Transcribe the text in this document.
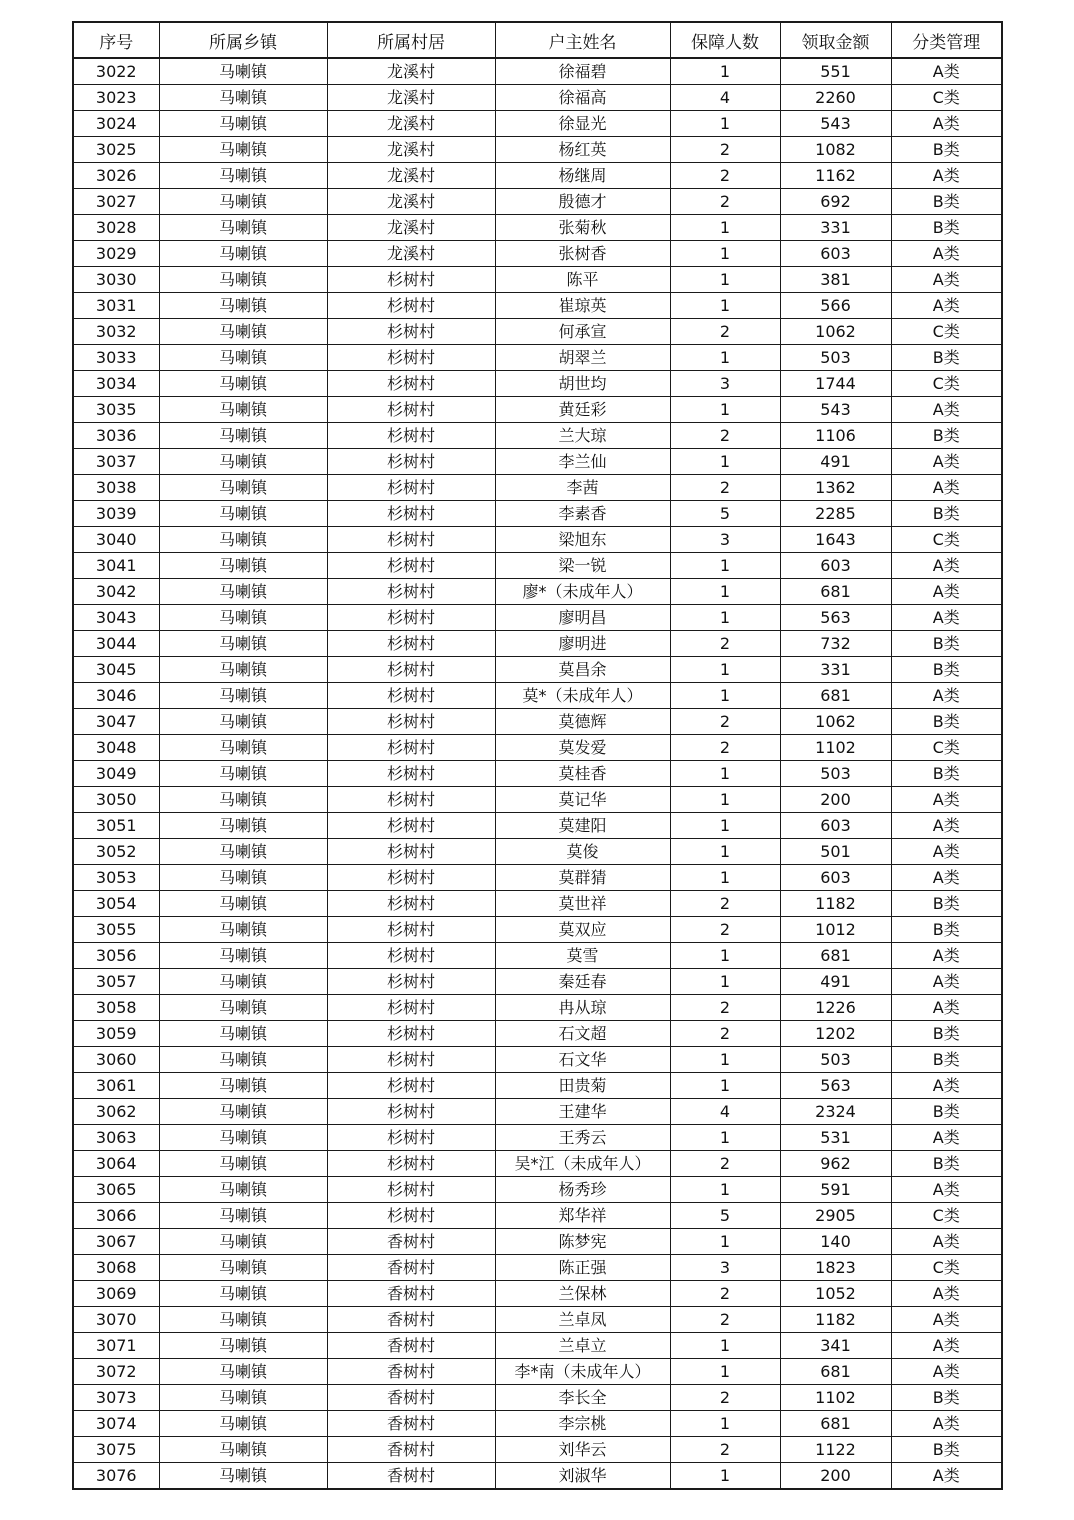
序号	所属乡镇	所属村居	户主姓名	保障人数	领取金额	分类管理
3022	马喇镇	龙溪村	徐福碧	1	551	A类
3023	马喇镇	龙溪村	徐福高	4	2260	C类
3024	马喇镇	龙溪村	徐显光	1	543	A类
3025	马喇镇	龙溪村	杨红英	2	1082	B类
3026	马喇镇	龙溪村	杨继周	2	1162	A类
3027	马喇镇	龙溪村	殷德才	2	692	B类
3028	马喇镇	龙溪村	张菊秋	1	331	B类
3029	马喇镇	龙溪村	张树香	1	603	A类
3030	马喇镇	杉树村	陈平	1	381	A类
3031	马喇镇	杉树村	崔琼英	1	566	A类
3032	马喇镇	杉树村	何承宣	2	1062	C类
3033	马喇镇	杉树村	胡翠兰	1	503	B类
3034	马喇镇	杉树村	胡世均	3	1744	C类
3035	马喇镇	杉树村	黄廷彩	1	543	A类
3036	马喇镇	杉树村	兰大琼	2	1106	B类
3037	马喇镇	杉树村	李兰仙	1	491	A类
3038	马喇镇	杉树村	李茜	2	1362	A类
3039	马喇镇	杉树村	李素香	5	2285	B类
3040	马喇镇	杉树村	梁旭东	3	1643	C类
3041	马喇镇	杉树村	梁一锐	1	603	A类
3042	马喇镇	杉树村	廖*（未成年人）	1	681	A类
3043	马喇镇	杉树村	廖明昌	1	563	A类
3044	马喇镇	杉树村	廖明进	2	732	B类
3045	马喇镇	杉树村	莫昌余	1	331	B类
3046	马喇镇	杉树村	莫*（未成年人）	1	681	A类
3047	马喇镇	杉树村	莫德辉	2	1062	B类
3048	马喇镇	杉树村	莫发爱	2	1102	C类
3049	马喇镇	杉树村	莫桂香	1	503	B类
3050	马喇镇	杉树村	莫记华	1	200	A类
3051	马喇镇	杉树村	莫建阳	1	603	A类
3052	马喇镇	杉树村	莫俊	1	501	A类
3053	马喇镇	杉树村	莫群猜	1	603	A类
3054	马喇镇	杉树村	莫世祥	2	1182	B类
3055	马喇镇	杉树村	莫双应	2	1012	B类
3056	马喇镇	杉树村	莫雪	1	681	A类
3057	马喇镇	杉树村	秦廷春	1	491	A类
3058	马喇镇	杉树村	冉从琼	2	1226	A类
3059	马喇镇	杉树村	石文超	2	1202	B类
3060	马喇镇	杉树村	石文华	1	503	B类
3061	马喇镇	杉树村	田贵菊	1	563	A类
3062	马喇镇	杉树村	王建华	4	2324	B类
3063	马喇镇	杉树村	王秀云	1	531	A类
3064	马喇镇	杉树村	吴*江（未成年人）	2	962	B类
3065	马喇镇	杉树村	杨秀珍	1	591	A类
3066	马喇镇	杉树村	郑华祥	5	2905	C类
3067	马喇镇	香树村	陈梦宪	1	140	A类
3068	马喇镇	香树村	陈正强	3	1823	C类
3069	马喇镇	香树村	兰保林	2	1052	A类
3070	马喇镇	香树村	兰卓凤	2	1182	A类
3071	马喇镇	香树村	兰卓立	1	341	A类
3072	马喇镇	香树村	李*南（未成年人）	1	681	A类
3073	马喇镇	香树村	李长全	2	1102	B类
3074	马喇镇	香树村	李宗桃	1	681	A类
3075	马喇镇	香树村	刘华云	2	1122	B类
3076	马喇镇	香树村	刘淑华	1	200	A类
